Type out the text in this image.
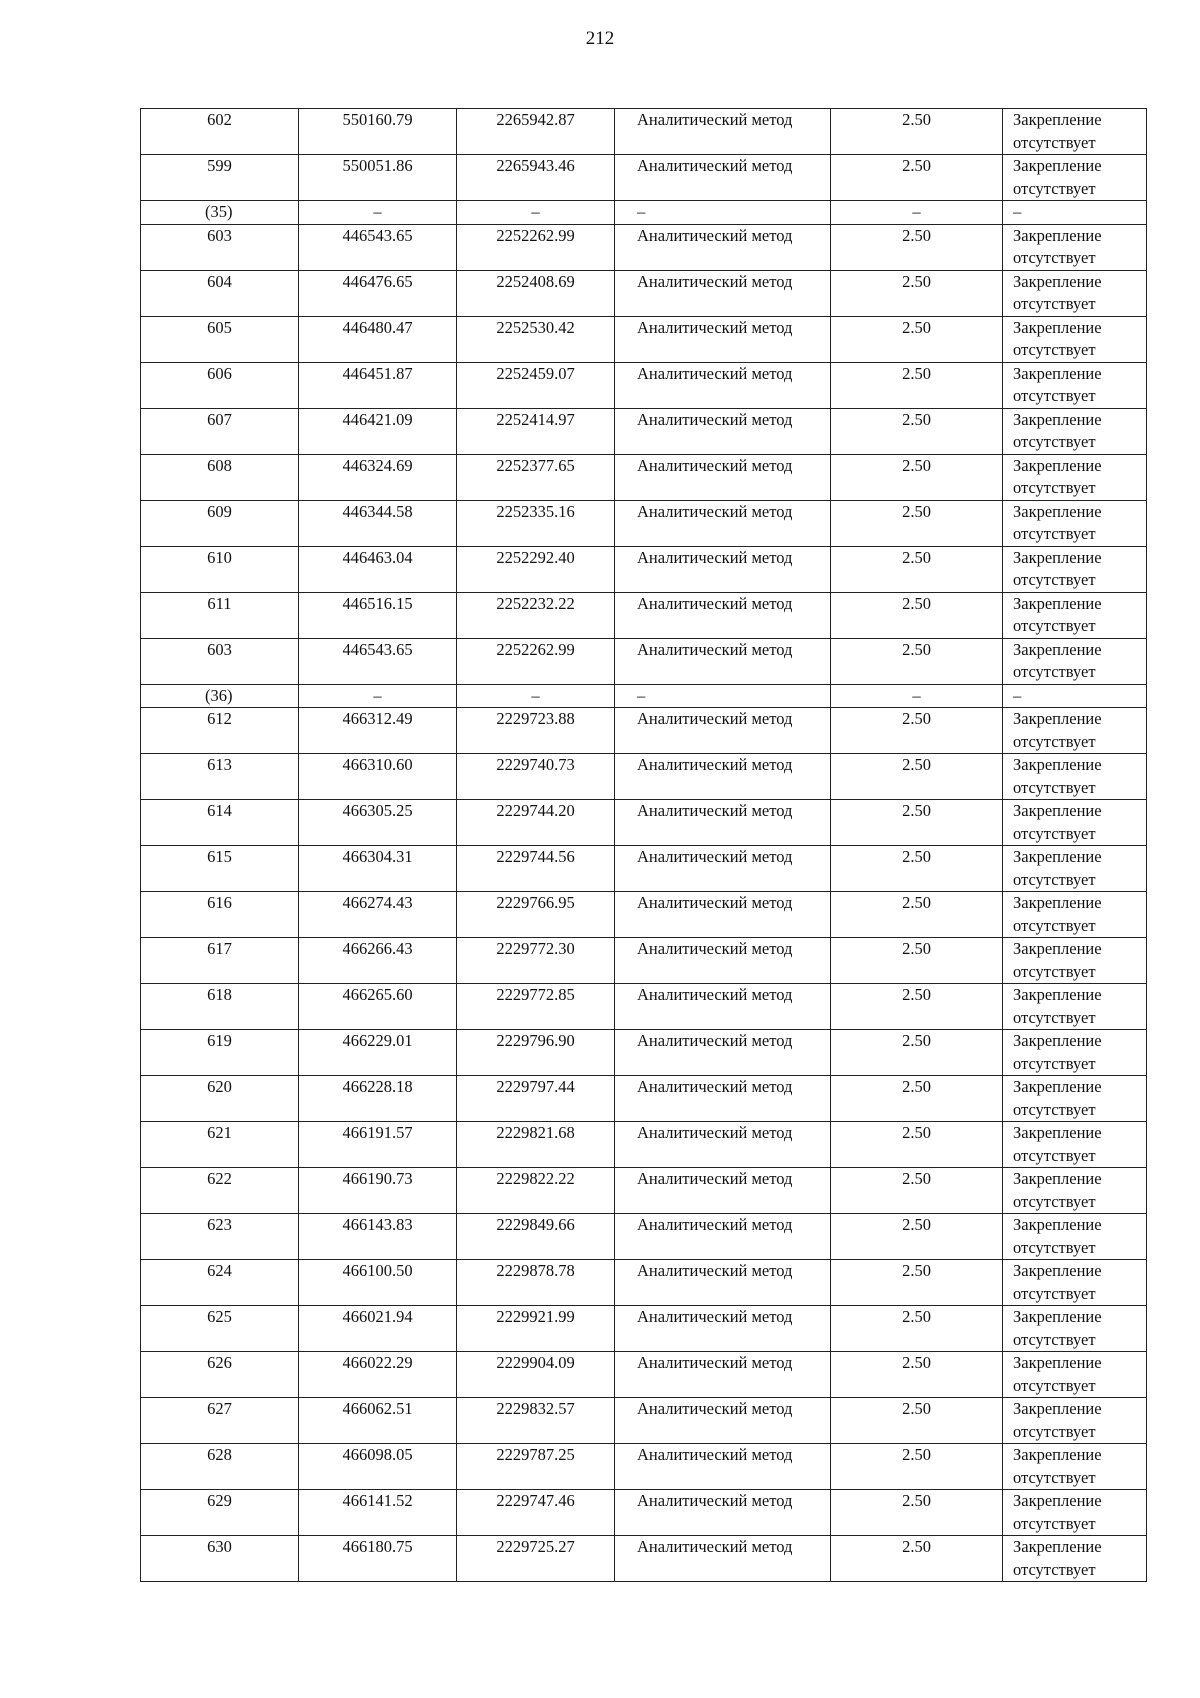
212
602	550160.79	2265942.87	Аналитический метод	2.50	Закрепление отсутствует
599	550051.86	2265943.46	Аналитический метод	2.50	Закрепление отсутствует
(35)	–	–	–	–	–
603	446543.65	2252262.99	Аналитический метод	2.50	Закрепление отсутствует
604	446476.65	2252408.69	Аналитический метод	2.50	Закрепление отсутствует
605	446480.47	2252530.42	Аналитический метод	2.50	Закрепление отсутствует
606	446451.87	2252459.07	Аналитический метод	2.50	Закрепление отсутствует
607	446421.09	2252414.97	Аналитический метод	2.50	Закрепление отсутствует
608	446324.69	2252377.65	Аналитический метод	2.50	Закрепление отсутствует
609	446344.58	2252335.16	Аналитический метод	2.50	Закрепление отсутствует
610	446463.04	2252292.40	Аналитический метод	2.50	Закрепление отсутствует
611	446516.15	2252232.22	Аналитический метод	2.50	Закрепление отсутствует
603	446543.65	2252262.99	Аналитический метод	2.50	Закрепление отсутствует
(36)	–	–	–	–	–
612	466312.49	2229723.88	Аналитический метод	2.50	Закрепление отсутствует
613	466310.60	2229740.73	Аналитический метод	2.50	Закрепление отсутствует
614	466305.25	2229744.20	Аналитический метод	2.50	Закрепление отсутствует
615	466304.31	2229744.56	Аналитический метод	2.50	Закрепление отсутствует
616	466274.43	2229766.95	Аналитический метод	2.50	Закрепление отсутствует
617	466266.43	2229772.30	Аналитический метод	2.50	Закрепление отсутствует
618	466265.60	2229772.85	Аналитический метод	2.50	Закрепление отсутствует
619	466229.01	2229796.90	Аналитический метод	2.50	Закрепление отсутствует
620	466228.18	2229797.44	Аналитический метод	2.50	Закрепление отсутствует
621	466191.57	2229821.68	Аналитический метод	2.50	Закрепление отсутствует
622	466190.73	2229822.22	Аналитический метод	2.50	Закрепление отсутствует
623	466143.83	2229849.66	Аналитический метод	2.50	Закрепление отсутствует
624	466100.50	2229878.78	Аналитический метод	2.50	Закрепление отсутствует
625	466021.94	2229921.99	Аналитический метод	2.50	Закрепление отсутствует
626	466022.29	2229904.09	Аналитический метод	2.50	Закрепление отсутствует
627	466062.51	2229832.57	Аналитический метод	2.50	Закрепление отсутствует
628	466098.05	2229787.25	Аналитический метод	2.50	Закрепление отсутствует
629	466141.52	2229747.46	Аналитический метод	2.50	Закрепление отсутствует
630	466180.75	2229725.27	Аналитический метод	2.50	Закрепление отсутствует
